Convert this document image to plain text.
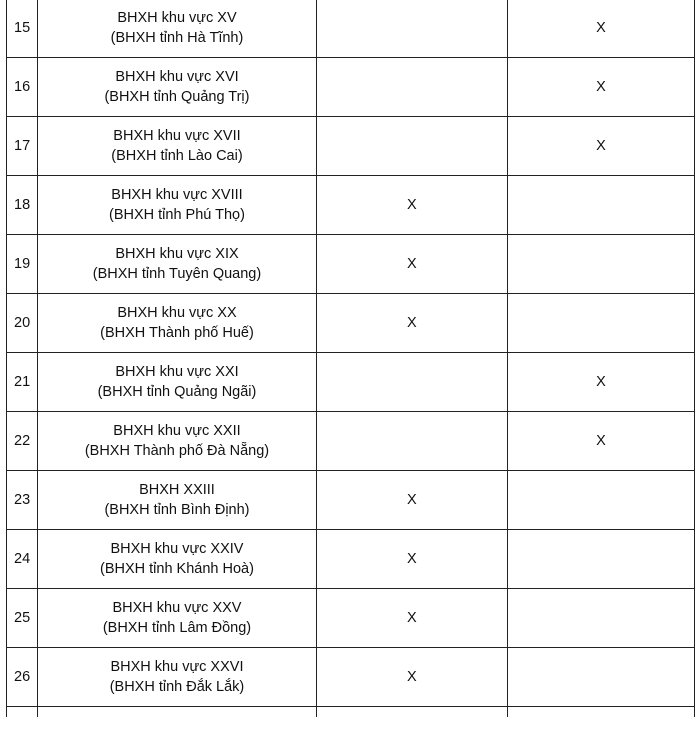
15	BHXH khu vực XV
(BHXH tỉnh Hà Tĩnh)		X
16	BHXH khu vực XVI
(BHXH tỉnh Quảng Trị)		X
17	BHXH khu vực XVII
(BHXH tỉnh Lào Cai)		X
18	BHXH khu vực XVIII
(BHXH tỉnh Phú Thọ)	X	
19	BHXH khu vực XIX
(BHXH tỉnh Tuyên Quang)	X	
20	BHXH khu vực XX
(BHXH Thành phố Huế)	X	
21	BHXH khu vực XXI
(BHXH tỉnh Quảng Ngãi)		X
22	BHXH khu vực XXII
(BHXH Thành phố Đà Nẵng)		X
23	BHXH XXIII
(BHXH tỉnh Bình Định)	X	
24	BHXH khu vực XXIV
(BHXH tỉnh Khánh Hoà)	X	
25	BHXH khu vực XXV
(BHXH tỉnh Lâm Đồng)	X	
26	BHXH khu vực XXVI
(BHXH tỉnh Đắk Lắk)	X	
